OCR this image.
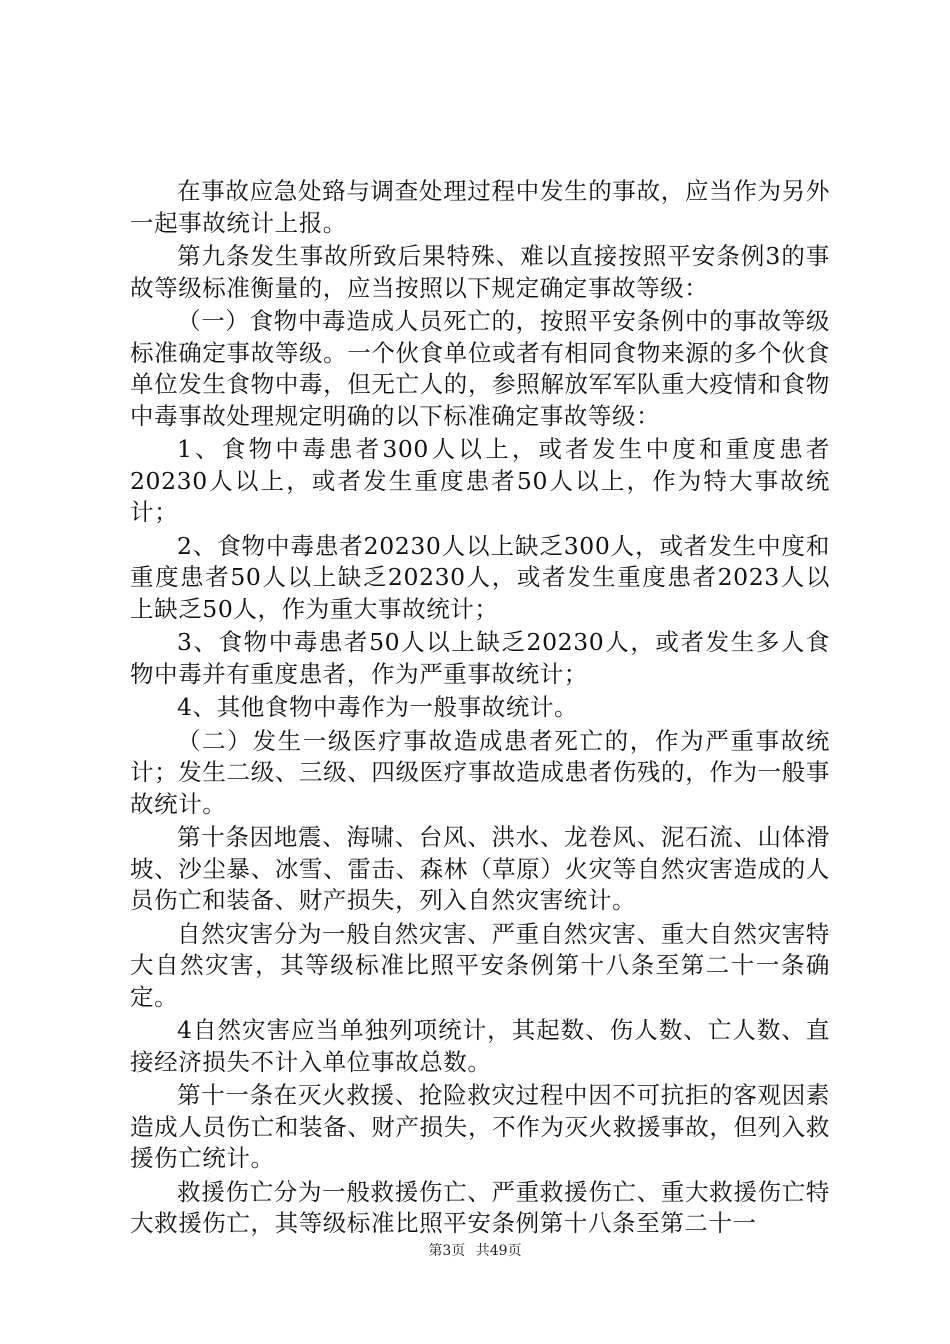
在事故应急处臵与调查处理过程中发生的事故，应当作为另外一起事故统计上报。

第九条发生事故所致后果特殊、难以直接按照平安条例3的事故等级标准衡量的，应当按照以下规定确定事故等级：

（一）食物中毒造成人员死亡的，按照平安条例中的事故等级标准确定事故等级。一个伙食单位或者有相同食物来源的多个伙食单位发生食物中毒，但无亡人的，参照解放军军队重大疫情和食物中毒事故处理规定明确的以下标准确定事故等级：

1、食物中毒患者300人以上，或者发生中度和重度患者20230人以上，或者发生重度患者50人以上，作为特大事故统计；

2、食物中毒患者20230人以上缺乏300人，或者发生中度和重度患者50人以上缺乏20230人，或者发生重度患者2023人以上缺乏50人，作为重大事故统计；

3、食物中毒患者50人以上缺乏20230人，或者发生多人食物中毒并有重度患者，作为严重事故统计；

4、其他食物中毒作为一般事故统计。

（二）发生一级医疗事故造成患者死亡的，作为严重事故统计；发生二级、三级、四级医疗事故造成患者伤残的，作为一般事故统计。

第十条因地震、海啸、台风、洪水、龙卷风、泥石流、山体滑坡、沙尘暴、冰雪、雷击、森林（草原）火灾等自然灾害造成的人员伤亡和装备、财产损失，列入自然灾害统计。

自然灾害分为一般自然灾害、严重自然灾害、重大自然灾害特大自然灾害，其等级标准比照平安条例第十八条至第二十一条确定。

4自然灾害应当单独列项统计，其起数、伤人数、亡人数、直接经济损失不计入单位事故总数。

第十一条在灭火救援、抢险救灾过程中因不可抗拒的客观因素造成人员伤亡和装备、财产损失，不作为灭火救援事故，但列入救援伤亡统计。

救援伤亡分为一般救援伤亡、严重救援伤亡、重大救援伤亡特大救援伤亡，其等级标准比照平安条例第十八条至第二十一

第3页 共49页
